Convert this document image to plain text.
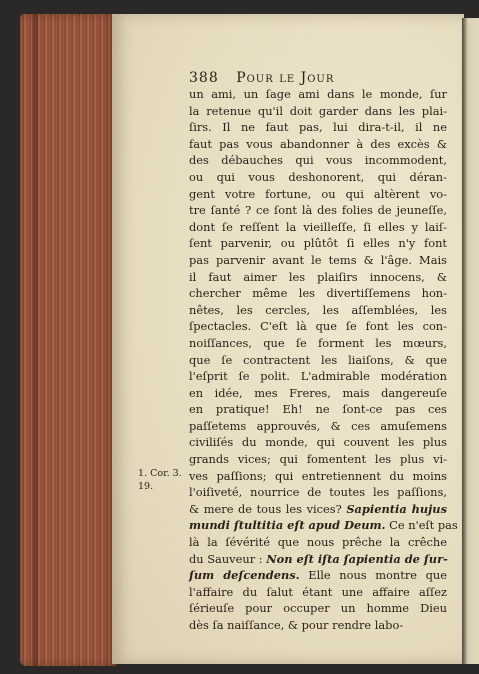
388 Pour le Jour
un ami, un ſage ami dans le monde, ſur
la retenue qu'il doit garder dans les plai-
ſirs. Il ne faut pas, lui dira-t-il, il ne
faut pas vous abandonner à des excès &
des débauches qui vous incommodent,
ou qui vous deshonorent, qui déran-
gent votre fortune, ou qui altèrent vo-
tre ſanté ? ce ſont là des folies de jeuneſſe,
dont ſe reſſent la vieilleſſe, ſi elles y laiſ-
ſent parvenir, ou plûtôt ſi elles n'y font
pas parvenir avant le tems & l'âge. Mais
il faut aimer les plaiſirs innocens, &
chercher même les divertiſſemens hon-
nêtes, les cercles, les aſſemblées, les
ſpectacles. C'eſt là que ſe font les con-
noiſſances, que ſe forment les mœurs,
que ſe contractent les liaiſons, & que
l'eſprit ſe polit. L'admirable modération
en idée, mes Freres, mais dangereuſe
en pratique! Eh! ne ſont-ce pas ces
paſſetems approuvés, & ces amuſemens
civiliſés du monde, qui couvent les plus
grands vices; qui fomentent les plus vi-
ves paſſions; qui entretiennent du moins
l'oiſiveté, nourrice de toutes les paſſions,
& mere de tous les vices? Sapientia hujus
mundi ſtultitia eſt apud Deum. Ce n'eſt pas
là la ſévérité que nous prêche la crêche
du Sauveur : Non eſt iſta ſapientia de ſur-
ſum deſcendens. Elle nous montre que
l'affaire du ſalut étant une affaire aſſez
ſérieuſe pour occuper un homme Dieu
dès ſa naiſſance, & pour rendre labo-
1. Cor. 3.
19.
